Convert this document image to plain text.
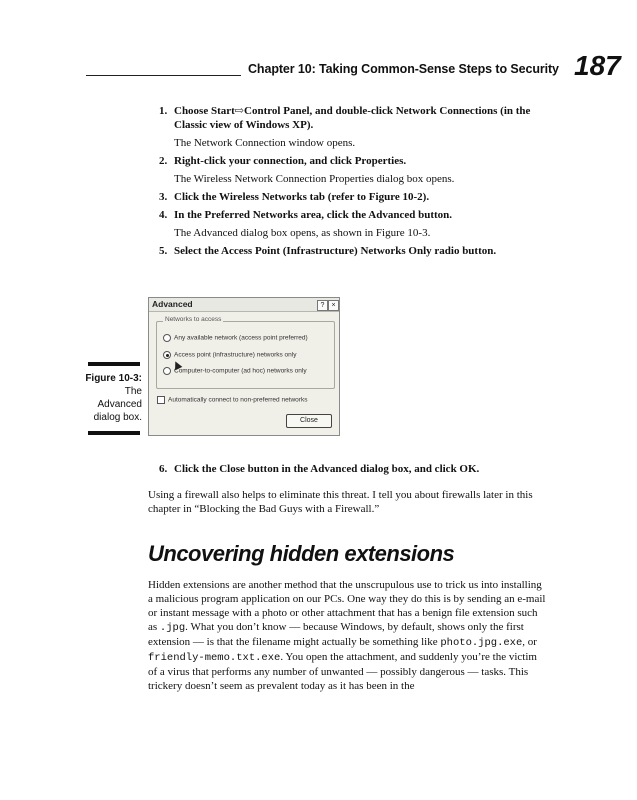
Chapter 10: Taking Common-Sense Steps to Security 187
1. Choose Start⇨Control Panel, and double-click Network Connections (in the Classic view of Windows XP).
The Network Connection window opens.
2. Right-click your connection, and click Properties.
The Wireless Network Connection Properties dialog box opens.
3. Click the Wireless Networks tab (refer to Figure 10-2).
4. In the Preferred Networks area, click the Advanced button.
The Advanced dialog box opens, as shown in Figure 10-3.
5. Select the Access Point (Infrastructure) Networks Only radio button.
Figure 10-3:
The Advanced dialog box.
Advanced	?	×
Networks to access
Any available network (access point preferred)
Access point (infrastructure) networks only
Computer-to-computer (ad hoc) networks only
Automatically connect to non-preferred networks
Close
6. Click the Close button in the Advanced dialog box, and click OK.
Using a firewall also helps to eliminate this threat. I tell you about firewalls later in this chapter in “Blocking the Bad Guys with a Firewall.”
Uncovering hidden extensions
Hidden extensions are another method that the unscrupulous use to trick us into installing a malicious program application on our PCs. One way they do this is by sending an e-mail or instant message with a photo or other attachment that has a benign file extension such as .jpg. What you don’t know — because Windows, by default, shows only the first extension — is that the filename might actually be something like photo.jpg.exe, or friendly-memo.txt.exe. You open the attachment, and suddenly you’re the victim of a virus that performs any number of unwanted — possibly dangerous — tasks. This trickery doesn’t seem as prevalent today as it has been in the
